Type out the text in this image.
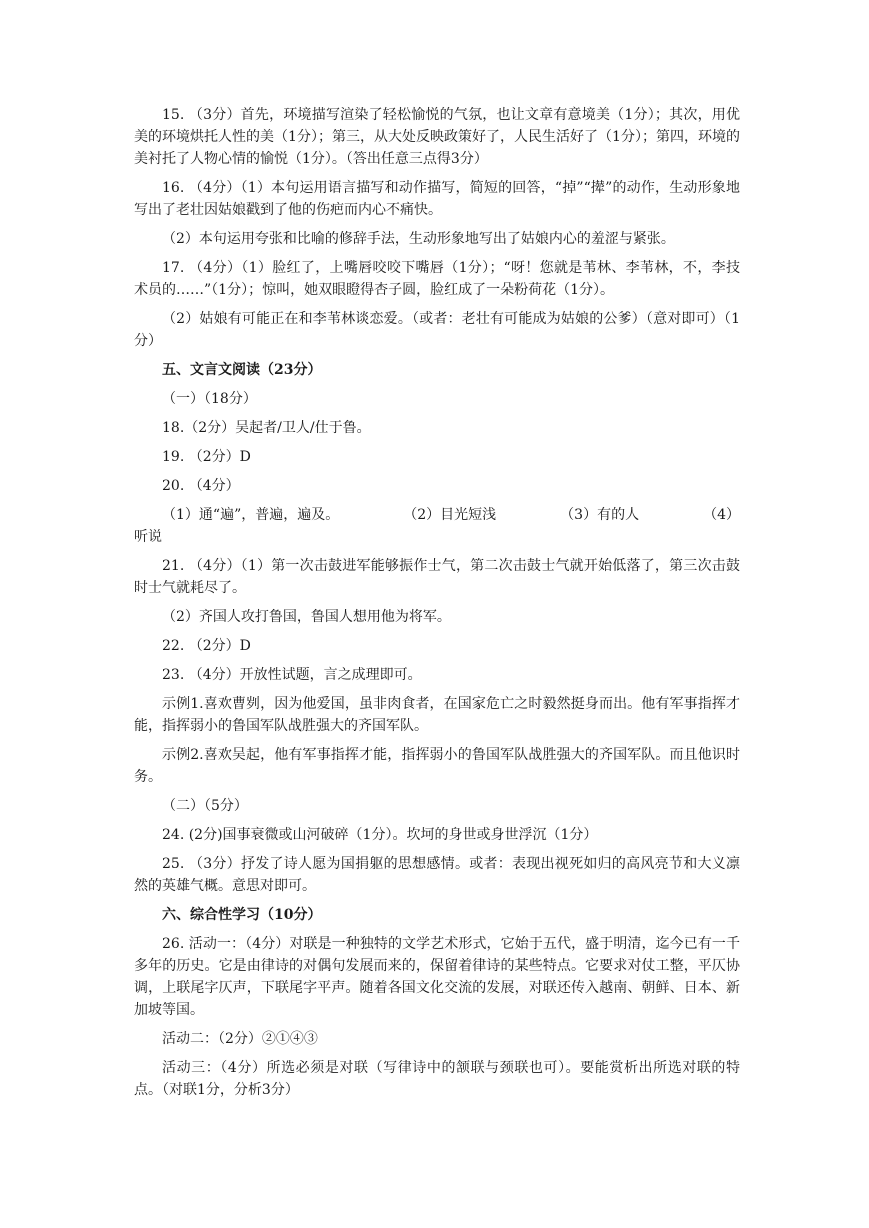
15. （3分）首先，环境描写渲染了轻松愉悦的气氛，也让文章有意境美（1分）；其次，用优美的环境烘托人性的美（1分）；第三，从大处反映政策好了，人民生活好了（1分）；第四，环境的美衬托了人物心情的愉悦（1分）。（答出任意三点得3分）

16. （4分）（1）本句运用语言描写和动作描写，简短的回答，“掉”“撵”的动作，生动形象地写出了老壮因姑娘戳到了他的伤疤而内心不痛快。

（2）本句运用夸张和比喻的修辞手法，生动形象地写出了姑娘内心的羞涩与紧张。

17. （4分）（1）脸红了，上嘴唇咬咬下嘴唇（1分）；“呀！您就是苇林、李苇林，不，李技术员的……”（1分）；惊叫，她双眼瞪得杏子圆，脸红成了一朵粉荷花（1分）。

（2）姑娘有可能正在和李苇林谈恋爱。（或者：老壮有可能成为姑娘的公爹）（意对即可）（1分）

五、文言文阅读（23分）

（一）（18分）

18.（2分）吴起者/卫人/仕于鲁。

19. （2分）D

20. （4分）

（1）通“遍”，普遍，遍及。	（2）目光短浅	（3）有的人	（4）

听说

21. （4分）（1）第一次击鼓进军能够振作士气，第二次击鼓士气就开始低落了，第三次击鼓时士气就耗尽了。

（2）齐国人攻打鲁国，鲁国人想用他为将军。

22. （2分）D

23. （4分）开放性试题，言之成理即可。

示例1.喜欢曹刿，因为他爱国，虽非肉食者，在国家危亡之时毅然挺身而出。他有军事指挥才能，指挥弱小的鲁国军队战胜强大的齐国军队。

示例2.喜欢吴起，他有军事指挥才能，指挥弱小的鲁国军队战胜强大的齐国军队。而且他识时务。

（二）（5分）

24. (2分)国事衰微或山河破碎（1分）。坎坷的身世或身世浮沉（1分）

25. （3分）抒发了诗人愿为国捐躯的思想感情。或者：表现出视死如归的高风亮节和大义凛然的英雄气概。意思对即可。

六、综合性学习（10分）

26. 活动一：（4分）对联是一种独特的文学艺术形式，它始于五代，盛于明清，迄今已有一千多年的历史。它是由律诗的对偶句发展而来的，保留着律诗的某些特点。它要求对仗工整，平仄协调，上联尾字仄声，下联尾字平声。随着各国文化交流的发展，对联还传入越南、朝鲜、日本、新加坡等国。

活动二：（2分）②①④③

活动三：（4分）所选必须是对联（写律诗中的颔联与颈联也可）。要能赏析出所选对联的特点。（对联1分，分析3分）
